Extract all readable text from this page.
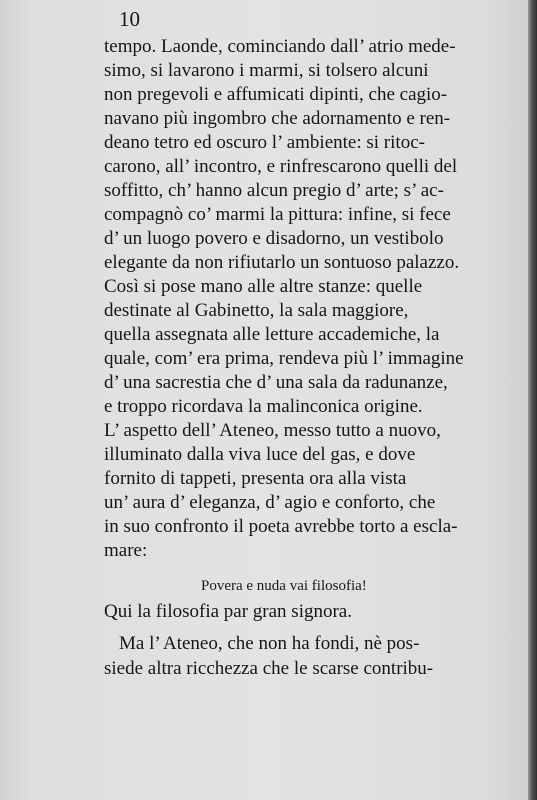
10

tempo. Laonde, cominciando dall’ atrio mede-

simo, si lavarono i marmi, si tolsero alcuni

non pregevoli e affumicati dipinti, che cagio-

navano più ingombro che adornamento e ren-

deano tetro ed oscuro l’ ambiente: si ritoc-

carono, all’ incontro, e rinfrescarono quelli del

soffitto, ch’ hanno alcun pregio d’ arte; s’ ac-

compagnò co’ marmi la pittura: infine, si fece

d’ un luogo povero e disadorno, un vestibolo

elegante da non rifiutarlo un sontuoso palazzo.

Così si pose mano alle altre stanze: quelle

destinate al Gabinetto, la sala maggiore,

quella assegnata alle letture accademiche, la

quale, com’ era prima, rendeva più l’ immagine

d’ una sacrestia che d’ una sala da radunanze,

e troppo ricordava la malinconica origine.

L’ aspetto dell’ Ateneo, messo tutto a nuovo,

illuminato dalla viva luce del gas, e dove

fornito di tappeti, presenta ora alla vista

un’ aura d’ eleganza, d’ agio e conforto, che

in suo confronto il poeta avrebbe torto a escla-

mare:

Povera e nuda vai filosofia!

Qui la filosofia par gran signora.

Ma l’ Ateneo, che non ha fondi, nè pos-

siede altra ricchezza che le scarse contribu-
